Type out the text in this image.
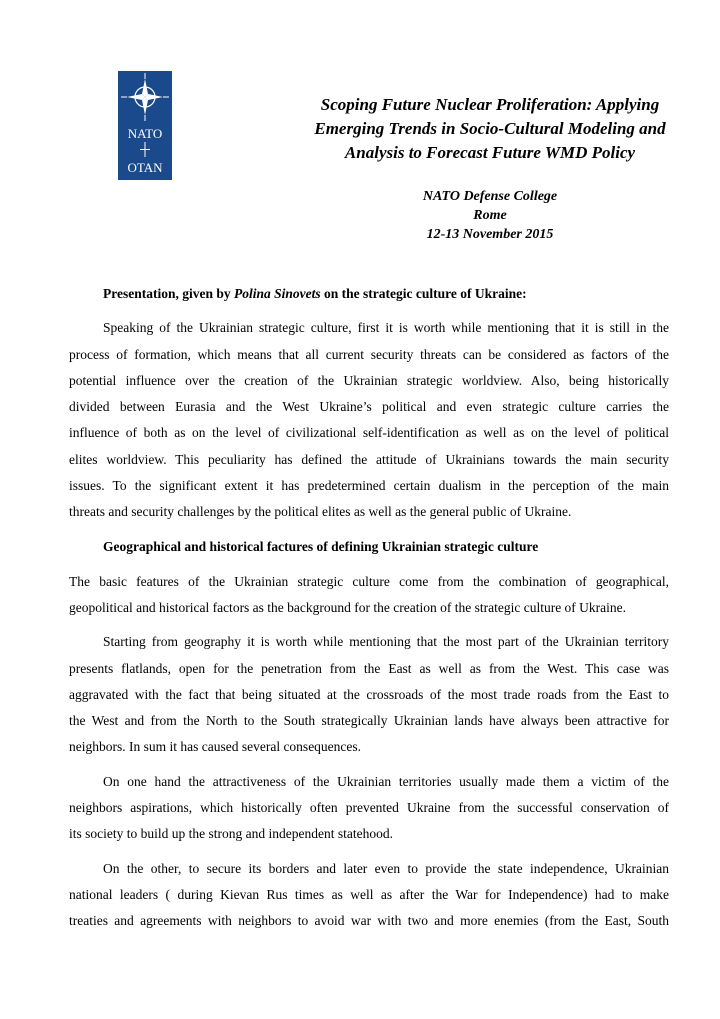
NATO
OTAN
Scoping Future Nuclear Proliferation: Applying
Emerging Trends in Socio-Cultural Modeling and
Analysis to Forecast Future WMD Policy
NATO Defense College
Rome
12-13 November 2015
Presentation, given by Polina Sinovets on the strategic culture of Ukraine:
Speaking of the Ukrainian strategic culture, first it is worth while mentioning that it is still in the
process of formation, which means that all current security threats can be considered as factors of the
potential influence over the creation of the Ukrainian strategic worldview. Also, being historically
divided between Eurasia and the West Ukraine’s political and even strategic culture carries the
influence of both as on the level of civilizational self-identification as well as on the level of political
elites worldview. This peculiarity has defined the attitude of Ukrainians towards the main security
issues. To the significant extent it has predetermined certain dualism in the perception of the main
threats and security challenges by the political elites as well as the general public of Ukraine.
Geographical and historical factures of defining Ukrainian strategic culture
The basic features of the Ukrainian strategic culture come from the combination of geographical,
geopolitical and historical factors as the background for the creation of the strategic culture of Ukraine.
Starting from geography it is worth while mentioning that the most part of the Ukrainian territory
presents flatlands, open for the penetration from the East as well as from the West. This case was
aggravated with the fact that being situated at the crossroads of the most trade roads from the East to
the West and from the North to the South strategically Ukrainian lands have always been attractive for
neighbors. In sum it has caused several consequences.
On one hand the attractiveness of the Ukrainian territories usually made them a victim of the
neighbors aspirations, which historically often prevented Ukraine from the successful conservation of
its society to build up the strong and independent statehood.
On the other, to secure its borders and later even to provide the state independence, Ukrainian
national leaders ( during Kievan Rus times as well as after the War for Independence) had to make
treaties and agreements with neighbors to avoid war with two and more enemies (from the East, South
